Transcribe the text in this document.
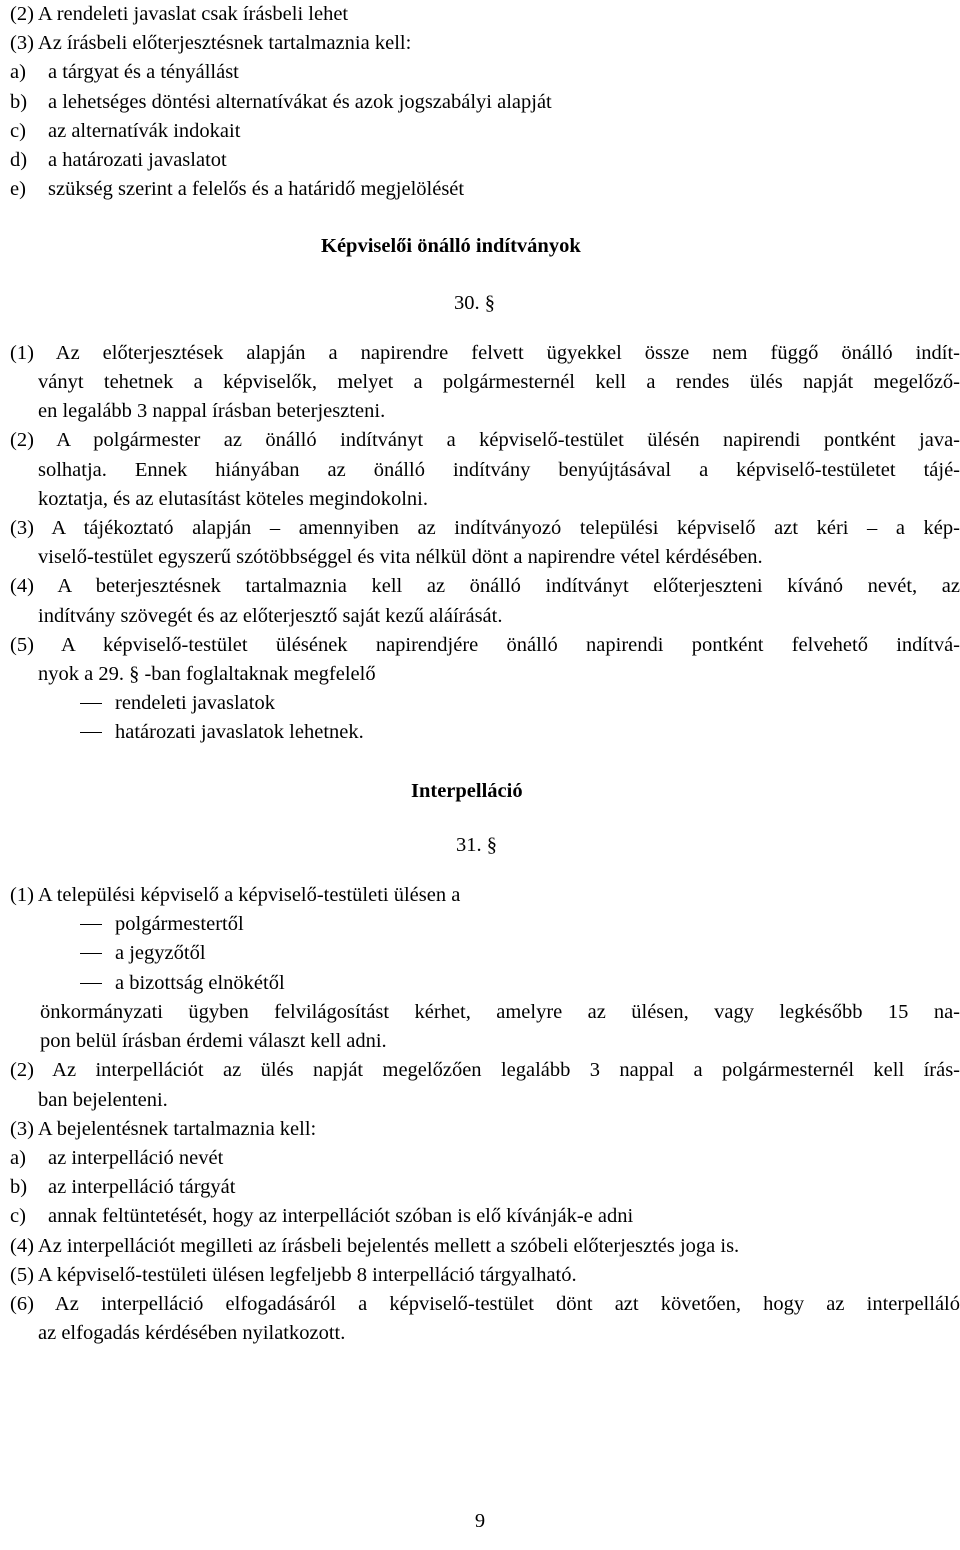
(2) A rendeleti javaslat csak írásbeli lehet
(3) Az írásbeli előterjesztésnek tartalmaznia kell:
a) a tárgyat és a tényállást
b) a lehetséges döntési alternatívákat és azok jogszabályi alapját
c) az alternatívák indokait
d) a határozati javaslatot
e) szükség szerint a felelős és a határidő megjelölését
Képviselői önálló indítványok
30. §
(1) Az előterjesztések alapján a napirendre felvett ügyekkel össze nem függő önálló indít-
ványt tehetnek a képviselők, melyet a polgármesternél kell a rendes ülés napját megelőző-
en legalább 3 nappal írásban beterjeszteni.
(2) A polgármester az önálló indítványt a képviselő-testület ülésén napirendi pontként java-
solhatja. Ennek hiányában az önálló indítvány benyújtásával a képviselő-testületet tájé-
koztatja, és az elutasítást köteles megindokolni.
(3) A tájékoztató alapján – amennyiben az indítványozó települési képviselő azt kéri – a kép-
viselő-testület egyszerű szótöbbséggel és vita nélkül dönt a napirendre vétel kérdésében.
(4) A beterjesztésnek tartalmaznia kell az önálló indítványt előterjeszteni kívánó nevét, az
indítvány szövegét és az előterjesztő saját kezű aláírását.
(5) A képviselő-testület ülésének napirendjére önálló napirendi pontként felvehető indítvá-
nyok a 29. § -ban foglaltaknak megfelelő
rendeleti javaslatok
határozati javaslatok lehetnek.
Interpelláció
31. §
(1) A települési képviselő a képviselő-testületi ülésen a
polgármestertől
a jegyzőtől
a bizottság elnökétől
önkormányzati ügyben felvilágosítást kérhet, amelyre az ülésen, vagy legkésőbb 15 na-
pon belül írásban érdemi választ kell adni.
(2) Az interpellációt az ülés napját megelőzően legalább 3 nappal a polgármesternél kell írás-
ban bejelenteni.
(3) A bejelentésnek tartalmaznia kell:
a) az interpelláció nevét
b) az interpelláció tárgyát
c) annak feltüntetését, hogy az interpellációt szóban is elő kívánják-e adni
(4) Az interpellációt megilleti az írásbeli bejelentés mellett a szóbeli előterjesztés joga is.
(5) A képviselő-testületi ülésen legfeljebb 8 interpelláció tárgyalható.
(6) Az interpelláció elfogadásáról a képviselő-testület dönt azt követően, hogy az interpelláló
az elfogadás kérdésében nyilatkozott.
9
